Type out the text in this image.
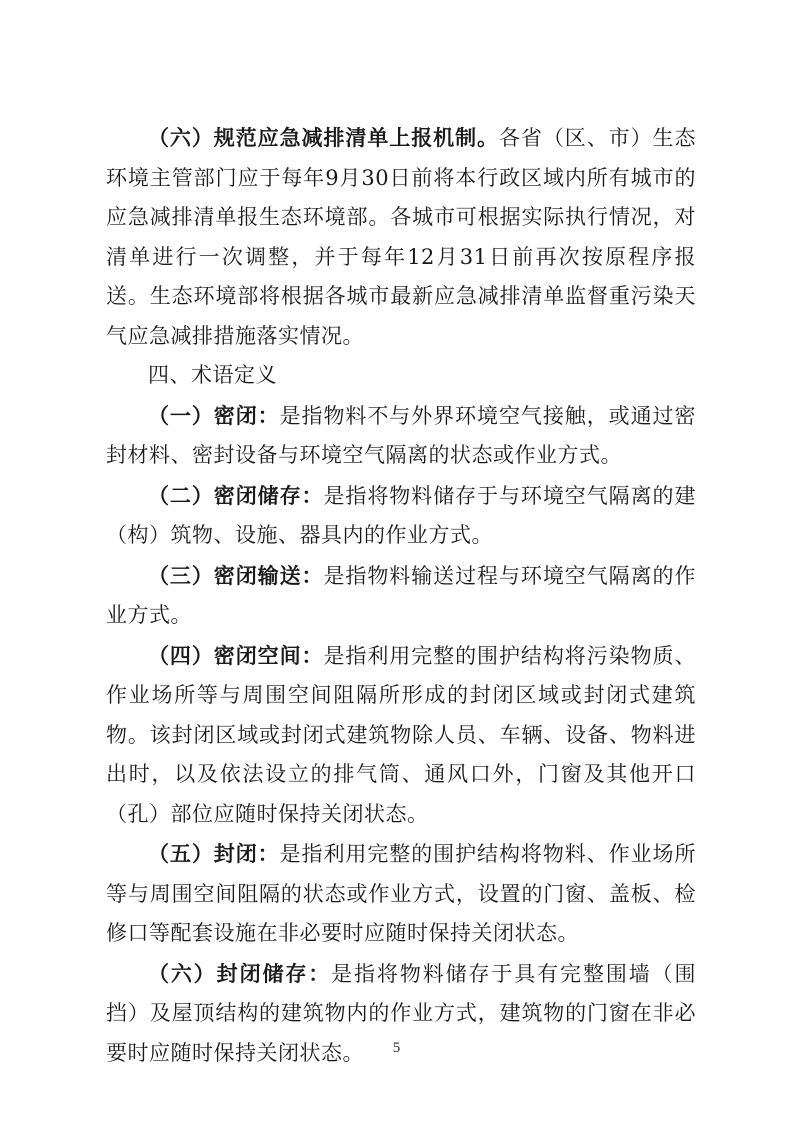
（六）规范应急减排清单上报机制。各省（区、市）生态环境主管部门应于每年9月30日前将本行政区域内所有城市的应急减排清单报生态环境部。各城市可根据实际执行情况，对清单进行一次调整，并于每年12月31日前再次按原程序报送。生态环境部将根据各城市最新应急减排清单监督重污染天气应急减排措施落实情况。

四、术语定义

（一）密闭：是指物料不与外界环境空气接触，或通过密封材料、密封设备与环境空气隔离的状态或作业方式。

（二）密闭储存：是指将物料储存于与环境空气隔离的建（构）筑物、设施、器具内的作业方式。

（三）密闭输送：是指物料输送过程与环境空气隔离的作业方式。

（四）密闭空间：是指利用完整的围护结构将污染物质、作业场所等与周围空间阻隔所形成的封闭区域或封闭式建筑物。该封闭区域或封闭式建筑物除人员、车辆、设备、物料进出时，以及依法设立的排气筒、通风口外，门窗及其他开口（孔）部位应随时保持关闭状态。

（五）封闭：是指利用完整的围护结构将物料、作业场所等与周围空间阻隔的状态或作业方式，设置的门窗、盖板、检修口等配套设施在非必要时应随时保持关闭状态。

（六）封闭储存：是指将物料储存于具有完整围墙（围挡）及屋顶结构的建筑物内的作业方式，建筑物的门窗在非必要时应随时保持关闭状态。	5
